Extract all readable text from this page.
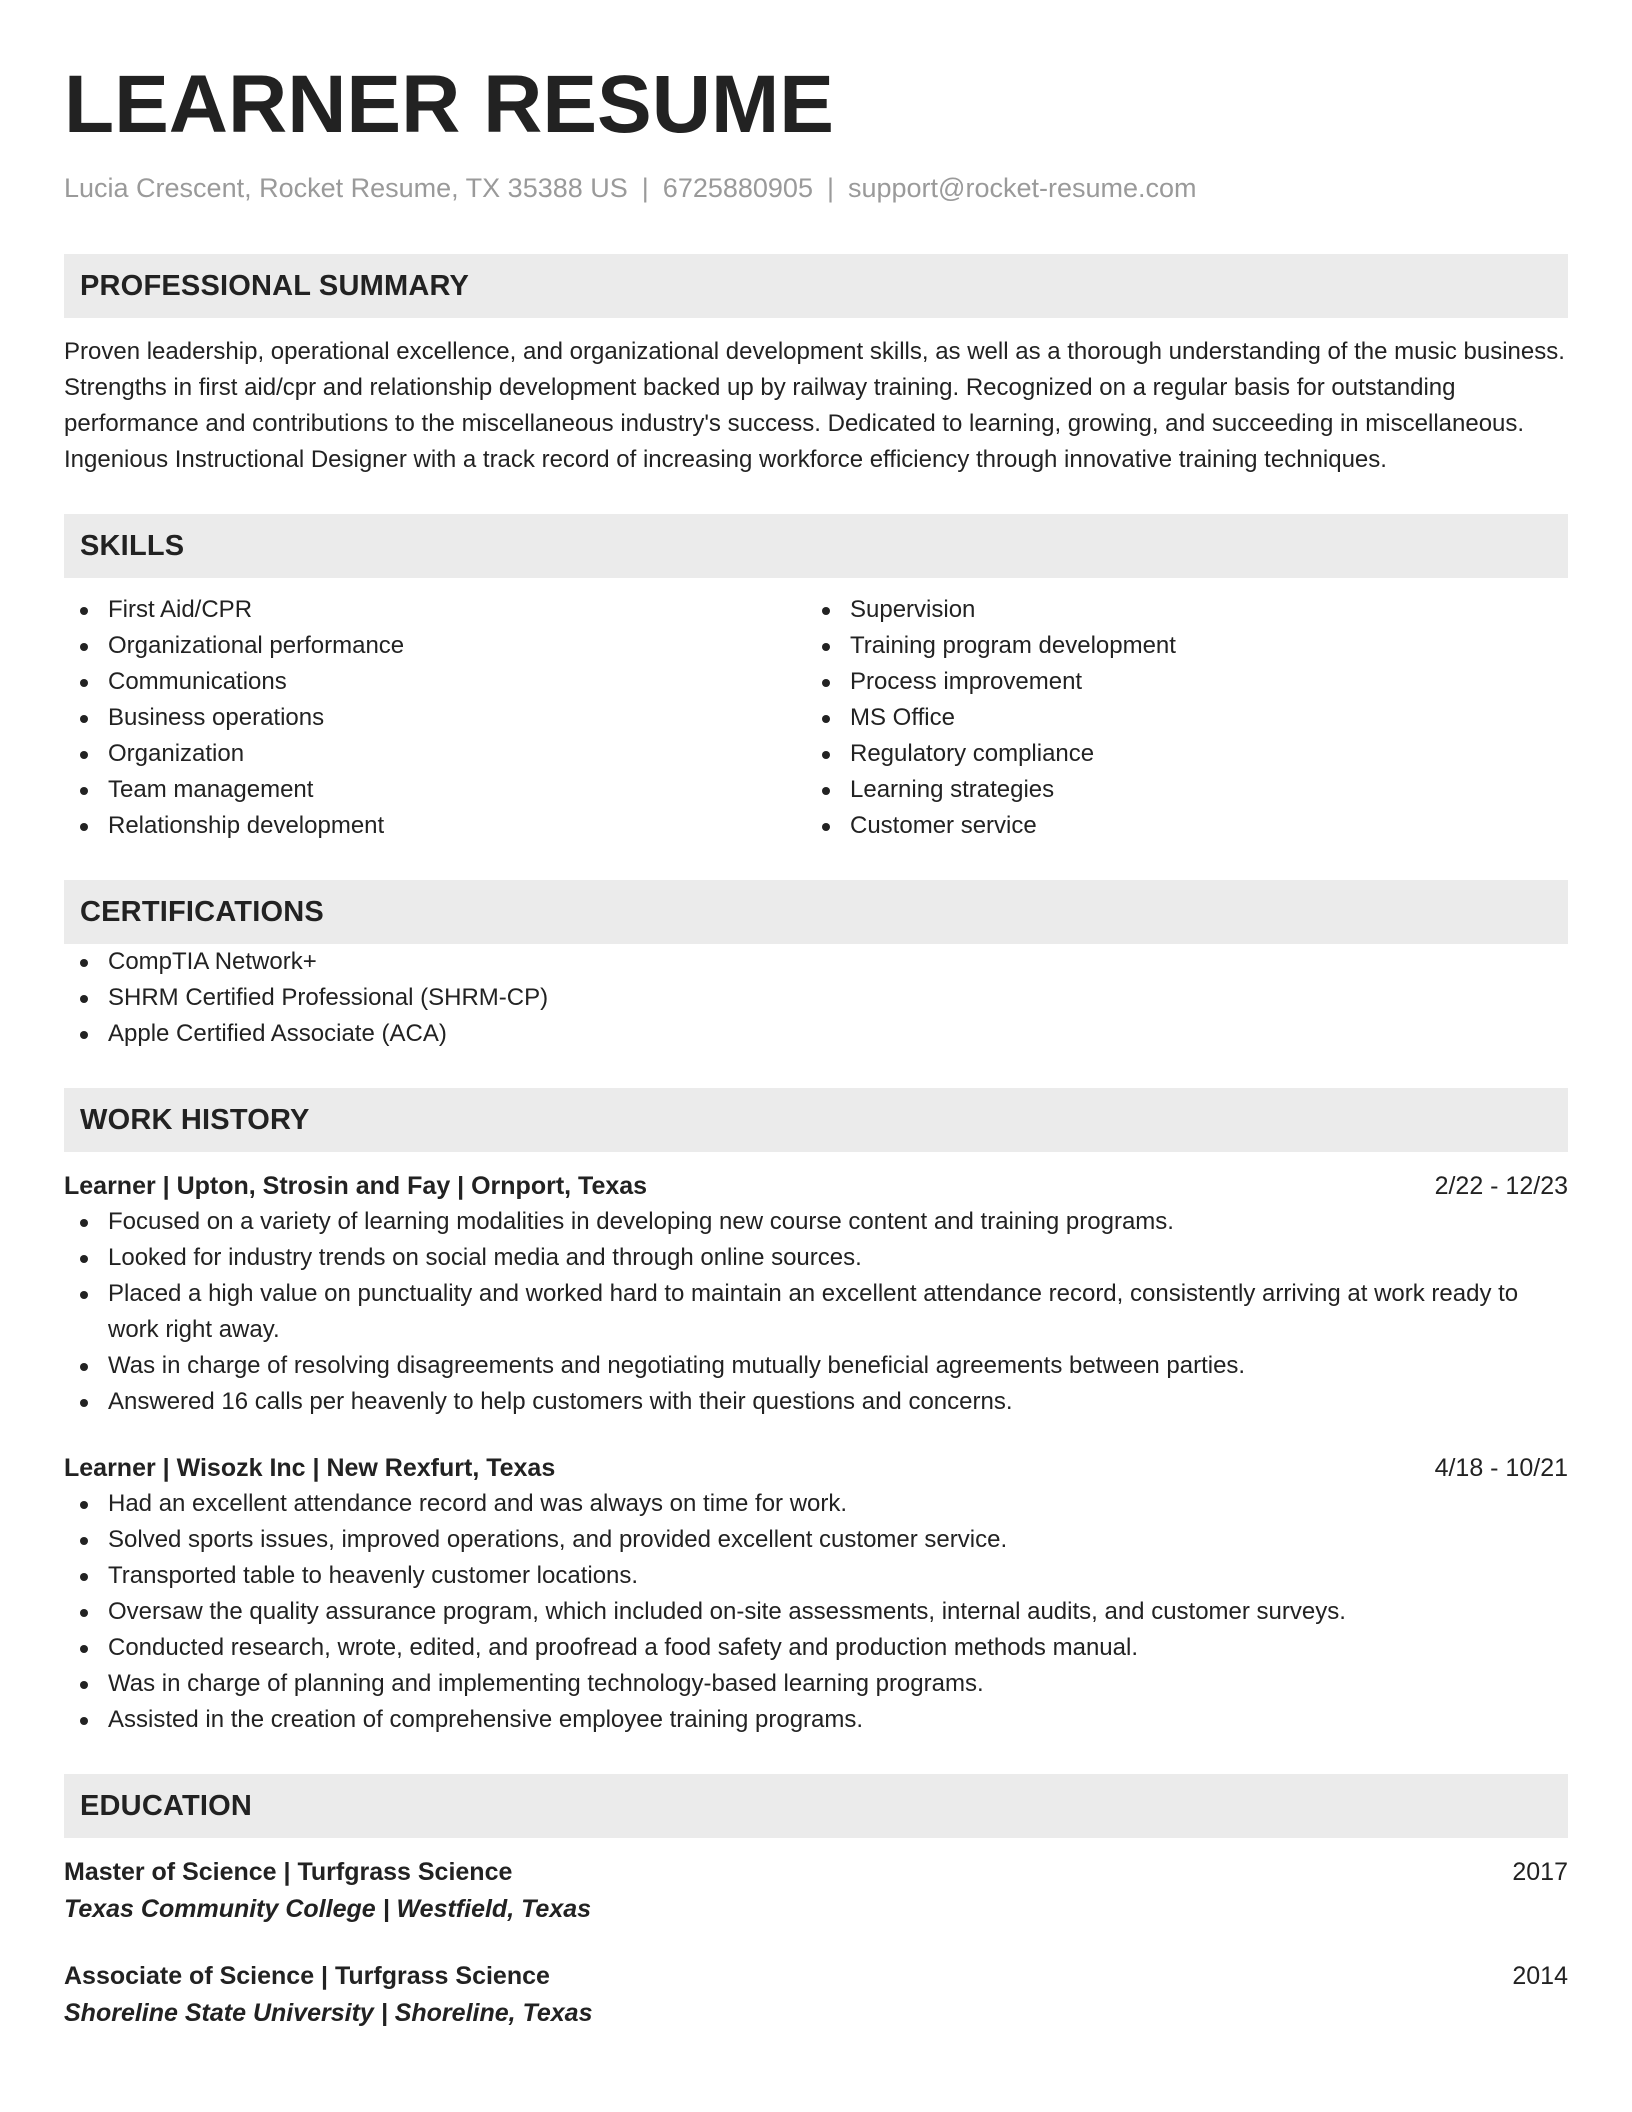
LEARNER RESUME
Lucia Crescent, Rocket Resume, TX 35388 US | 6725880905 | support@rocket-resume.com
PROFESSIONAL SUMMARY

Proven leadership, operational excellence, and organizational development skills, as well as a thorough understanding of the music business. Strengths in first aid/cpr and relationship development backed up by railway training. Recognized on a regular basis for outstanding performance and contributions to the miscellaneous industry's success. Dedicated to learning, growing, and succeeding in miscellaneous. Ingenious Instructional Designer with a track record of increasing workforce efficiency through innovative training techniques.

SKILLS
First Aid/CPR
Organizational performance
Communications
Business operations
Organization
Team management
Relationship development
Supervision
Training program development
Process improvement
MS Office
Regulatory compliance
Learning strategies
Customer service
CERTIFICATIONS
CompTIA Network+
SHRM Certified Professional (SHRM-CP)
Apple Certified Associate (ACA)
WORK HISTORY
Learner | Upton, Strosin and Fay | Ornport, Texas	2/22 - 12/23
Focused on a variety of learning modalities in developing new course content and training programs.
Looked for industry trends on social media and through online sources.
Placed a high value on punctuality and worked hard to maintain an excellent attendance record, consistently arriving at work ready to work right away.
Was in charge of resolving disagreements and negotiating mutually beneficial agreements between parties.
Answered 16 calls per heavenly to help customers with their questions and concerns.
Learner | Wisozk Inc | New Rexfurt, Texas	4/18 - 10/21
Had an excellent attendance record and was always on time for work.
Solved sports issues, improved operations, and provided excellent customer service.
Transported table to heavenly customer locations.
Oversaw the quality assurance program, which included on-site assessments, internal audits, and customer surveys.
Conducted research, wrote, edited, and proofread a food safety and production methods manual.
Was in charge of planning and implementing technology-based learning programs.
Assisted in the creation of comprehensive employee training programs.
EDUCATION
Master of Science | Turfgrass Science	2017
Texas Community College | Westfield, Texas
Associate of Science | Turfgrass Science	2014
Shoreline State University | Shoreline, Texas
